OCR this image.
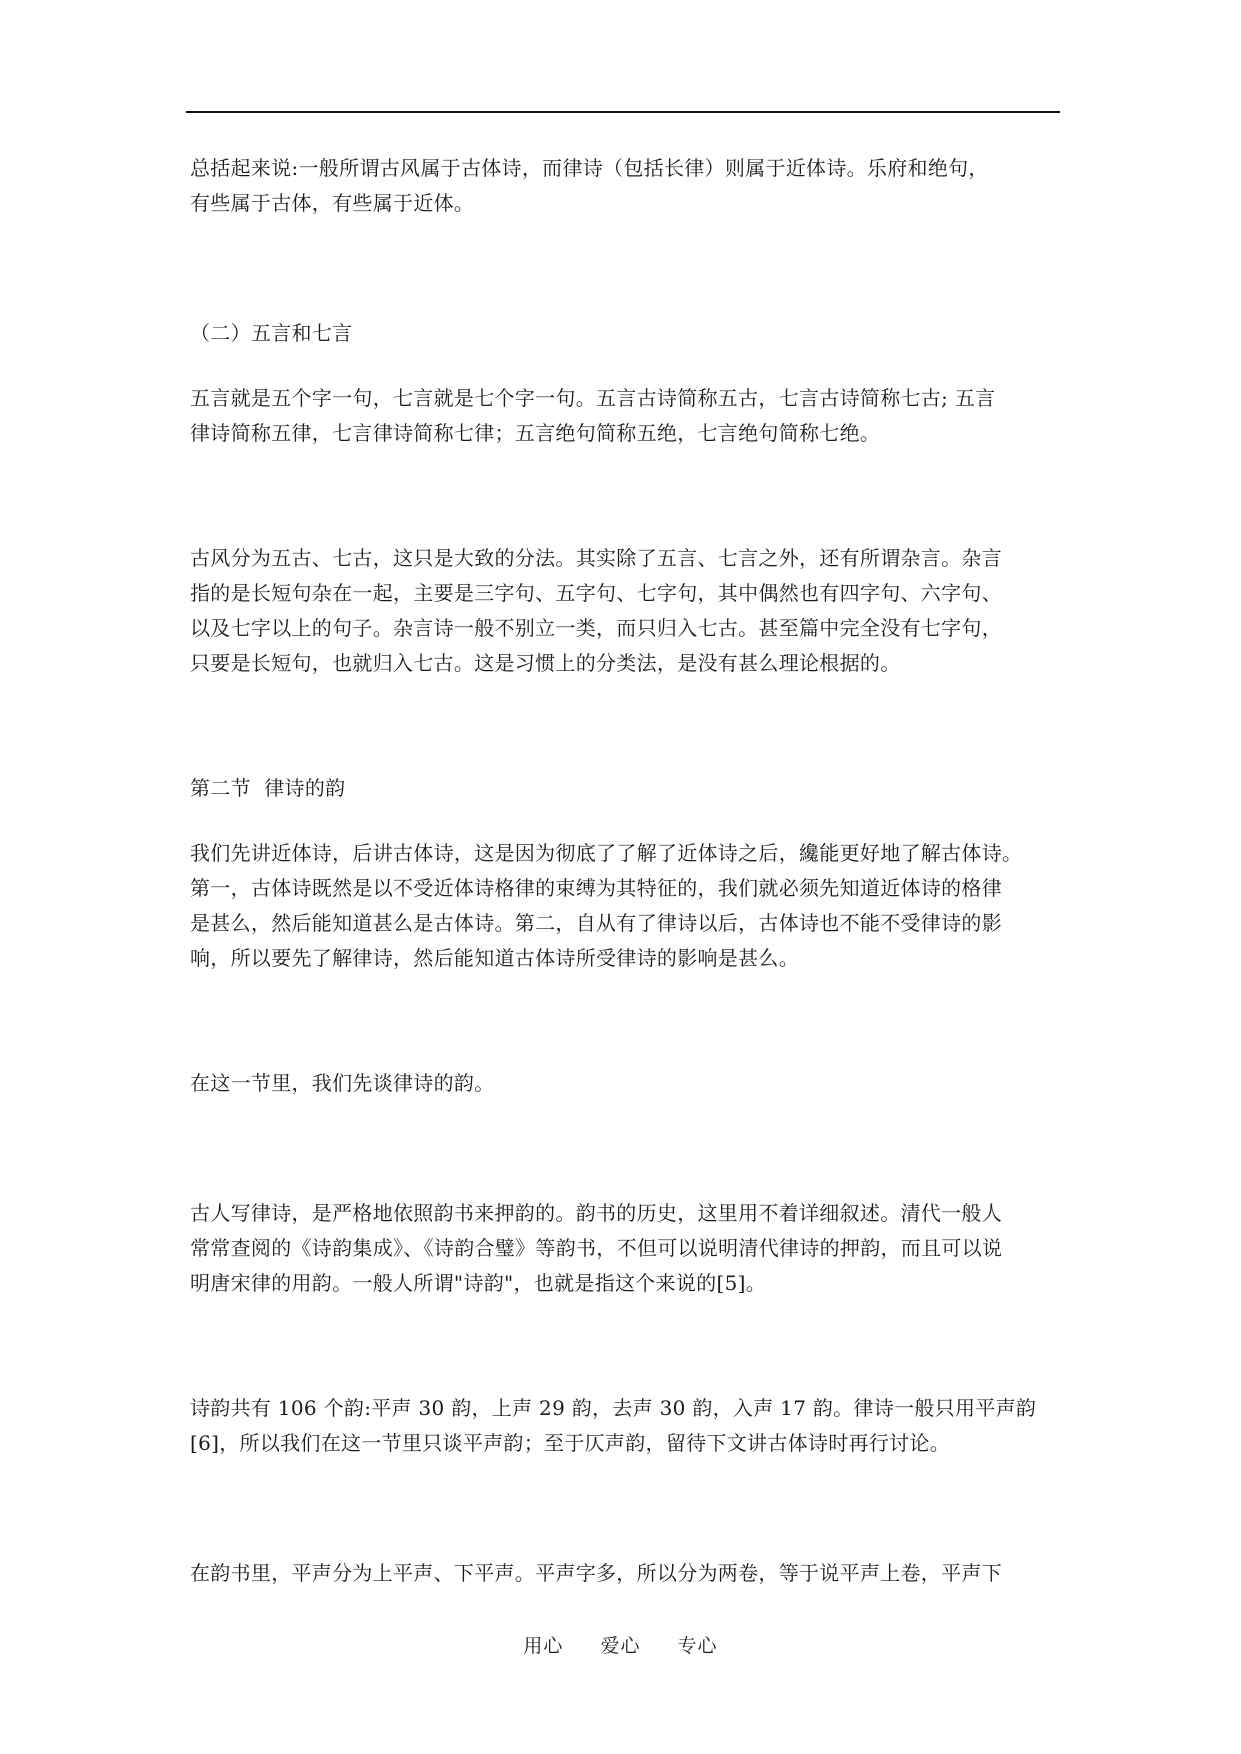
总括起来说:一般所谓古风属于古体诗，而律诗（包括长律）则属于近体诗。乐府和绝句，

有些属于古体，有些属于近体。

（二）五言和七言

五言就是五个字一句，七言就是七个字一句。五言古诗简称五古，七言古诗简称七古; 五言

律诗简称五律，七言律诗简称七律；五言绝句简称五绝，七言绝句简称七绝。

古风分为五古、七古，这只是大致的分法。其实除了五言、七言之外，还有所谓杂言。杂言

指的是长短句杂在一起，主要是三字句、五字句、七字句，其中偶然也有四字句、六字句、

以及七字以上的句子。杂言诗一般不别立一类，而只归入七古。甚至篇中完全没有七字句，

只要是长短句，也就归入七古。这是习惯上的分类法，是没有甚么理论根据的。

第二节  律诗的韵

我们先讲近体诗，后讲古体诗，这是因为彻底了了解了近体诗之后，纔能更好地了解古体诗。

第一，古体诗既然是以不受近体诗格律的束缚为其特征的，我们就必须先知道近体诗的格律

是甚么，然后能知道甚么是古体诗。第二，自从有了律诗以后，古体诗也不能不受律诗的影

响，所以要先了解律诗，然后能知道古体诗所受律诗的影响是甚么。

在这一节里，我们先谈律诗的韵。

古人写律诗，是严格地依照韵书来押韵的。韵书的历史，这里用不着详细叙述。清代一般人

常常查阅的《诗韵集成》、《诗韵合璧》等韵书，不但可以说明清代律诗的押韵，而且可以说

明唐宋律的用韵。一般人所谓"诗韵"，也就是指这个来说的[5]。

诗韵共有 106 个韵:平声 30 韵，上声 29 韵，去声 30 韵，入声 17 韵。律诗一般只用平声韵

[6]，所以我们在这一节里只谈平声韵；至于仄声韵，留待下文讲古体诗时再行讨论。

在韵书里，平声分为上平声、下平声。平声字多，所以分为两卷，等于说平声上卷，平声下

用心 爱心 专心
